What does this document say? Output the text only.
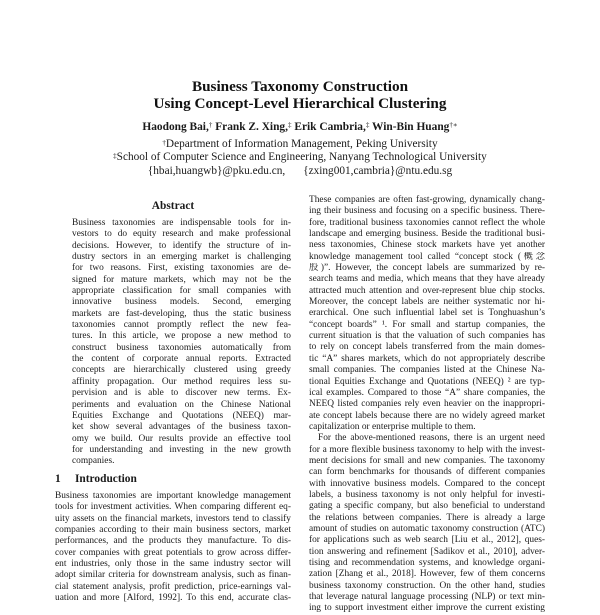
Business Taxonomy Construction
Using Concept-Level Hierarchical Clustering
Haodong Bai,† Frank Z. Xing,‡ Erik Cambria,‡ Win-Bin Huang†∗
†Department of Information Management, Peking University
‡School of Computer Science and Engineering, Nanyang Technological University
{hbai,huangwb}@pku.edu.cn, {zxing001,cambria}@ntu.edu.sg
Abstract
Business taxonomies are indispensable tools for in-
vestors to do equity research and make professional
decisions. However, to identify the structure of in-
dustry sectors in an emerging market is challenging
for two reasons. First, existing taxonomies are de-
signed for mature markets, which may not be the
appropriate classification for small companies with
innovative business models. Second, emerging
markets are fast-developing, thus the static business
taxonomies cannot promptly reflect the new fea-
tures. In this article, we propose a new method to
construct business taxonomies automatically from
the content of corporate annual reports. Extracted
concepts are hierarchically clustered using greedy
affinity propagation. Our method requires less su-
pervision and is able to discover new terms. Ex-
periments and evaluation on the Chinese National
Equities Exchange and Quotations (NEEQ) mar-
ket show several advantages of the business taxon-
omy we build. Our results provide an effective tool
for understanding and investing in the new growth
companies.
1 Introduction
Business taxonomies are important knowledge management
tools for investment activities. When comparing different eq-
uity assets on the financial markets, investors tend to classify
companies according to their main business sectors, market
performances, and the products they manufacture. To dis-
cover companies with great potentials to grow across differ-
ent industries, only those in the same industry sector will
adopt similar criteria for downstream analysis, such as finan-
cial statement analysis, profit prediction, price-earnings val-
uation and more [Alford, 1992]. To this end, accurate clas-
These companies are often fast-growing, dynamically chang-
ing their business and focusing on a specific business. There-
fore, traditional business taxonomies cannot reflect the whole
landscape and emerging business. Beside the traditional busi-
ness taxonomies, Chinese stock markets have yet another
knowledge management tool called “concept stock (概念
股)”. However, the concept labels are summarized by re-
search teams and media, which means that they have already
attracted much attention and over-represent blue chip stocks.
Moreover, the concept labels are neither systematic nor hi-
erarchical. One such influential label set is Tonghuashun’s
“concept boards” ¹. For small and startup companies, the
current situation is that the valuation of such companies has
to rely on concept labels transferred from the main domes-
tic “A” shares markets, which do not appropriately describe
small companies. The companies listed at the Chinese Na-
tional Equities Exchange and Quotations (NEEQ) ² are typ-
ical examples. Compared to those “A” share companies, the
NEEQ listed companies rely even heavier on the inappropri-
ate concept labels because there are no widely agreed market
capitalization or enterprise multiple to them.
For the above-mentioned reasons, there is an urgent need
for a more flexible business taxonomy to help with the invest-
ment decisions for small and new companies. The taxonomy
can form benchmarks for thousands of different companies
with innovative business models. Compared to the concept
labels, a business taxonomy is not only helpful for investi-
gating a specific company, but also beneficial to understand
the relations between companies. There is already a large
amount of studies on automatic taxonomy construction (ATC)
for applications such as web search [Liu et al., 2012], ques-
tion answering and refinement [Sadikov et al., 2010], adver-
tising and recommendation systems, and knowledge organi-
zation [Zhang et al., 2018]. However, few of them concerns
business taxonomy construction. On the other hand, studies
that leverage natural language processing (NLP) or text min-
ing to support investment either improve the current existing
